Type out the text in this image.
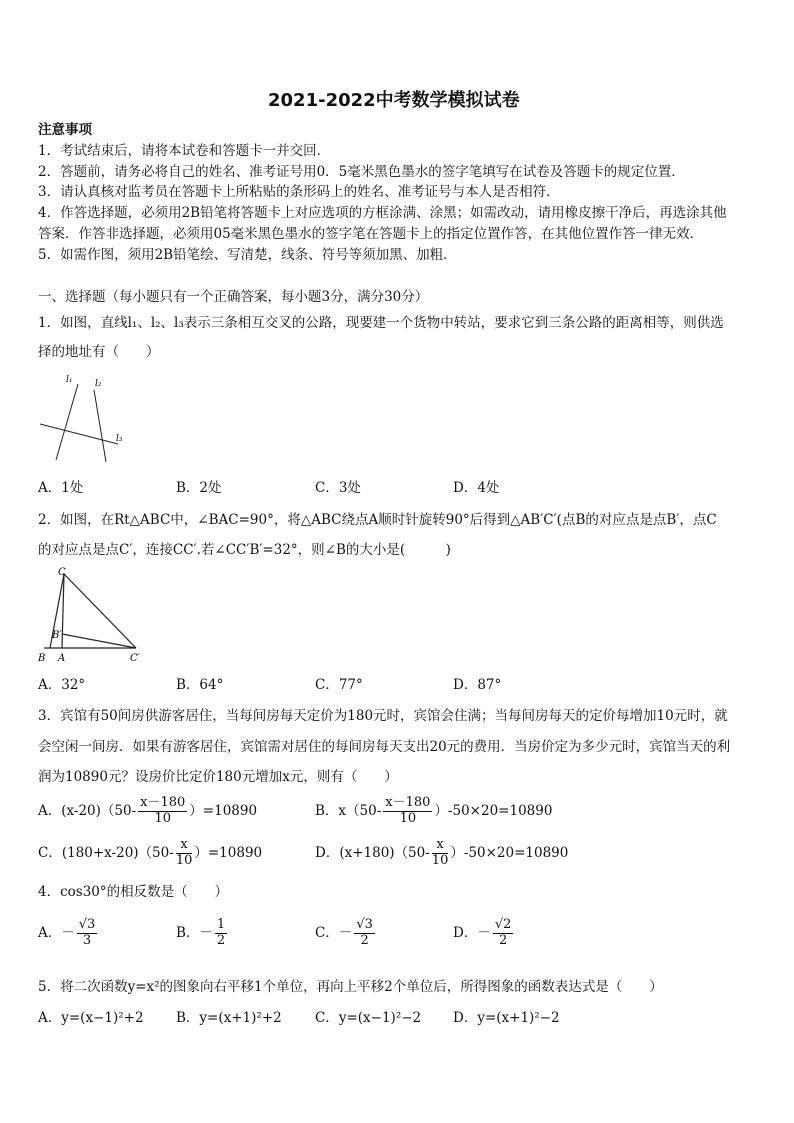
2021-2022中考数学模拟试卷
注意事项
1．考试结束后，请将本试卷和答题卡一并交回．
2．答题前，请务必将自己的姓名、准考证号用0．5毫米黑色墨水的签字笔填写在试卷及答题卡的规定位置．
3．请认真核对监考员在答题卡上所粘贴的条形码上的姓名、准考证号与本人是否相符．
4．作答选择题，必须用2B铅笔将答题卡上对应选项的方框涂满、涂黑；如需改动，请用橡皮擦干净后，再选涂其他
答案．作答非选择题，必须用05毫米黑色墨水的签字笔在答题卡上的指定位置作答，在其他位置作答一律无效．
5．如需作图，须用2B铅笔绘、写清楚，线条、符号等须加黑、加粗．
一、选择题（每小题只有一个正确答案，每小题3分，满分30分）
1．如图，直线l₁、l₂、l₃表示三条相互交叉的公路，现要建一个货物中转站，要求它到三条公路的距离相等，则供选
择的地址有（　　）
l₁	l₂
l₃
A．1处	B．2处	C．3处	D．4处
2．如图，在Rt△ABC中，∠BAC=90°，将△ABC绕点A顺时针旋转90°后得到△AB′C′(点B的对应点是点B′，点C
的对应点是点C′，连接CC′.若∠CC′B′=32°，则∠B的大小是(　　　)
C
B′
B A	C′
A．32°	B．64°	C．77°	D．87°
3．宾馆有50间房供游客居住，当每间房每天定价为180元时，宾馆会住满；当每间房每天的定价每增加10元时，就
会空闲一间房．如果有游客居住，宾馆需对居住的每间房每天支出20元的费用．当房价定为多少元时，宾馆当天的利
润为10890元？设房价比定价180元增加x元，则有（　　）
A．$(x-20)(50- \frac{x-180}{10} )=10890$	B．$x(50- \frac{x-180}{10} )-50\times 20=10890$
C．$(180+x-20)(50- \frac{x}{10} )=10890$	D．$(x+180)(50- \frac{x}{10} )-50\times 20=10890$
4．cos30°的相反数是（　　）
A．－ $\frac{√3}{3}$	B．－ $\frac{1}{2}$	C．－ $\frac{√3}{2}$	D．－ $\frac{√2}{2}$
5．将二次函数y=x²的图象向右平移1个单位，再向上平移2个单位后，所得图象的函数表达式是（　　）
A．y=(x−1)²+2 B．y=(x+1)²+2 C．y=(x−1)²−2 D．y=(x+1)²−2
